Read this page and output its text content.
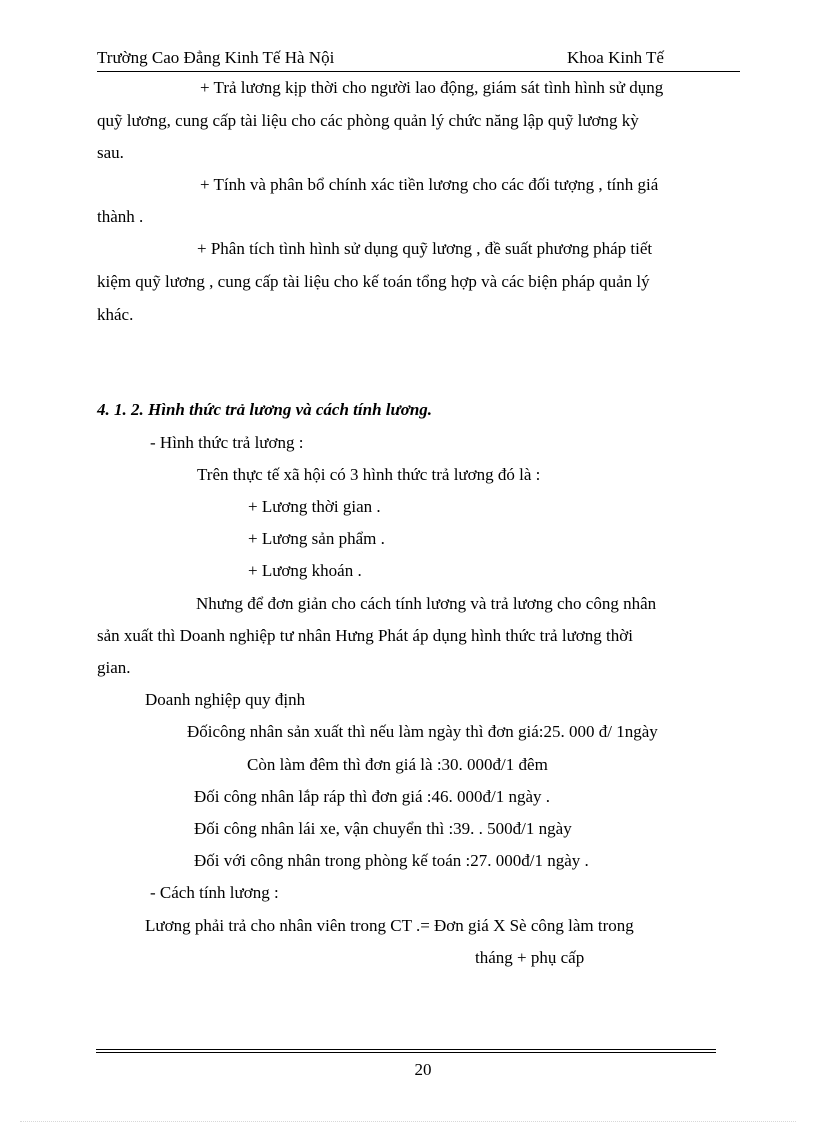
Trường Cao Đẳng Kinh Tế Hà Nội	Khoa Kinh Tế
+ Trả lương kịp thời cho người lao động, giám sát tình hình sử dụng
quỹ lương, cung cấp tài liệu cho các phòng quản lý chức năng lập quỹ lương kỳ
sau.
+ Tính và phân bổ chính xác tiền lương cho các đối tượng , tính giá
thành .
+ Phân tích tình hình sử dụng quỹ lương , đề suất phương pháp tiết
kiệm quỹ lương , cung cấp tài liệu cho kế toán tổng hợp và các biện pháp quản lý
khác.
4. 1. 2. Hình thức trả lương và cách tính lương.
- Hình thức trả lương :
Trên thực tế xã hội có 3 hình thức trả lương đó là :
+ Lương thời gian .
+ Lương sản phẩm .
+ Lương khoán .
Nhưng để đơn giản cho cách tính lương và trả lương cho công nhân
sản xuất thì Doanh nghiệp tư nhân Hưng Phát áp dụng hình thức trả lương thời
gian.
Doanh nghiệp quy định
Đốicông nhân sản xuất thì nếu làm ngày thì đơn giá:25. 000 đ/ 1ngày
Còn làm đêm thì đơn giá là :30. 000đ/1 đêm
Đối công nhân lắp ráp thì đơn giá :46. 000đ/1 ngày .
Đối công nhân lái xe, vận chuyển thì :39. . 500đ/1 ngày
Đối với công nhân trong phòng kế toán :27. 000đ/1 ngày .
- Cách tính lương :
Lương phải trả cho nhân viên trong CT .= Đơn giá X Sè công làm trong
tháng + phụ cấp
20
